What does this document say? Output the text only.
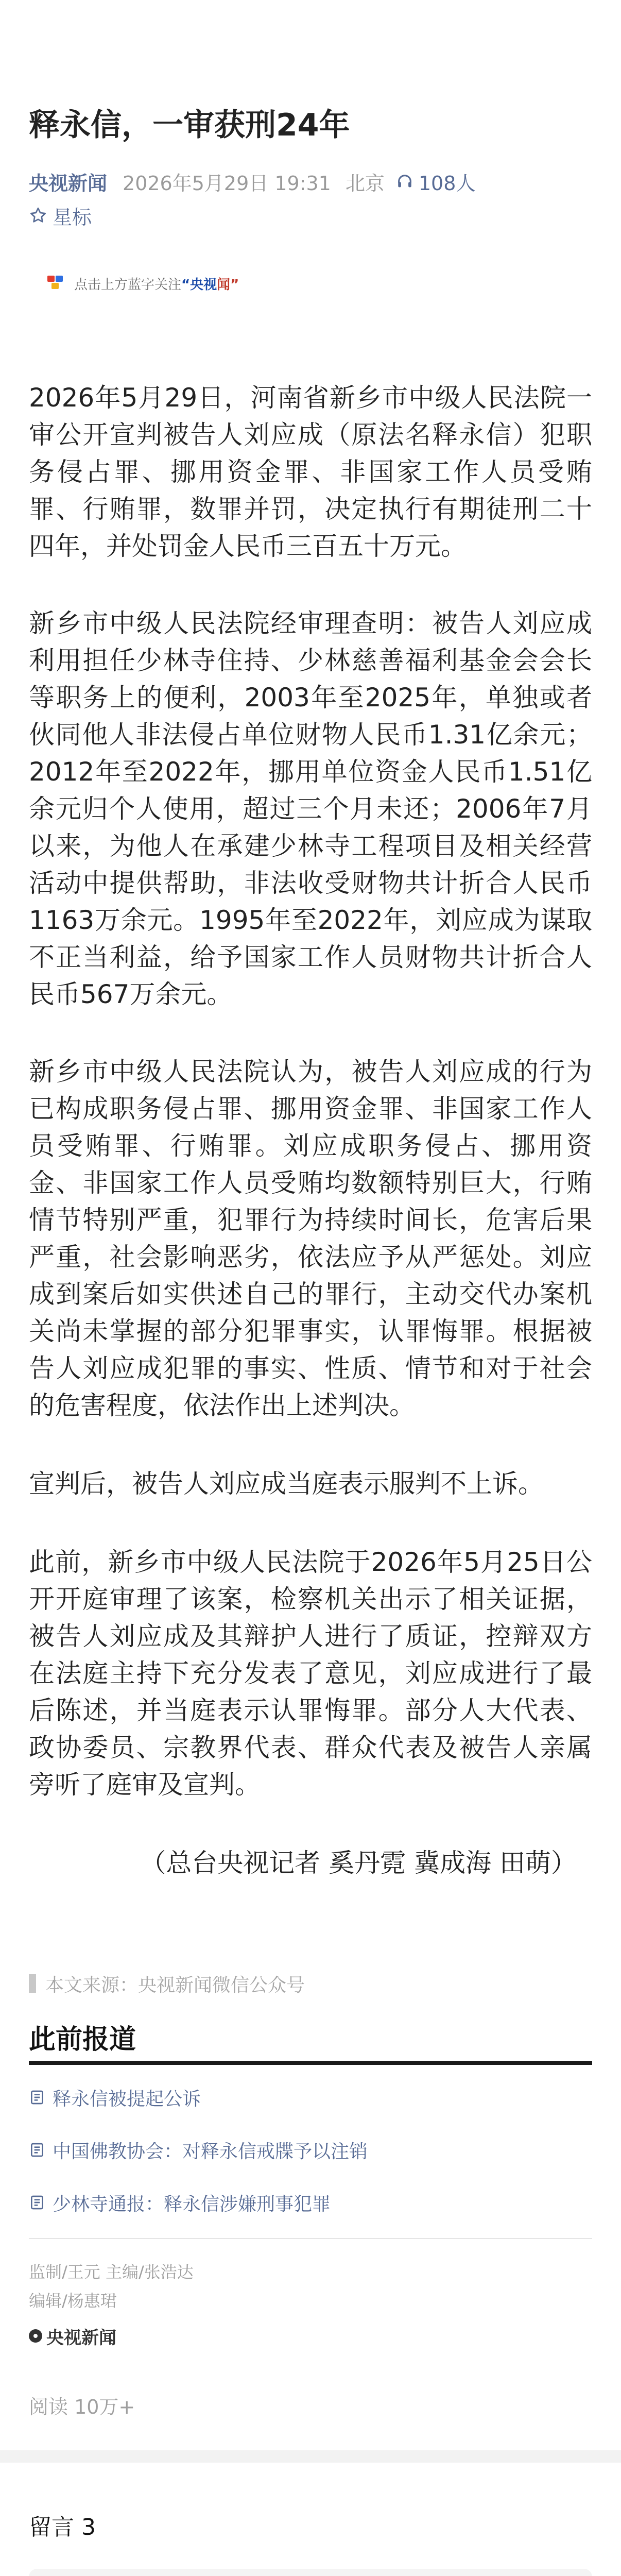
释永信，一审获刑24年
央视新闻 2026年5月29日 19:31 北京 108人
星标
点击上方蓝字关注 “央视 闻”

2026年5月29日，河南省新乡市中级人民法院一审公开宣判被告人刘应成（原法名释永信）犯职务侵占罪、挪用资金罪、非国家工作人员受贿罪、行贿罪，数罪并罚，决定执行有期徒刑二十四年，并处罚金人民币三百五十万元。

新乡市中级人民法院经审理查明：被告人刘应成利用担任少林寺住持、少林慈善福利基金会会长等职务上的便利，2003年至2025年，单独或者伙同他人非法侵占单位财物人民币1.31亿余元；2012年至2022年，挪用单位资金人民币1.51亿余元归个人使用，超过三个月未还；2006年7月以来，为他人在承建少林寺工程项目及相关经营活动中提供帮助，非法收受财物共计折合人民币1163万余元。1995年至2022年，刘应成为谋取不正当利益，给予国家工作人员财物共计折合人民币567万余元。

新乡市中级人民法院认为，被告人刘应成的行为已构成职务侵占罪、挪用资金罪、非国家工作人员受贿罪、行贿罪。刘应成职务侵占、挪用资金、非国家工作人员受贿均数额特别巨大，行贿情节特别严重，犯罪行为持续时间长，危害后果严重，社会影响恶劣，依法应予从严惩处。刘应成到案后如实供述自己的罪行，主动交代办案机关尚未掌握的部分犯罪事实，认罪悔罪。根据被告人刘应成犯罪的事实、性质、情节和对于社会的危害程度，依法作出上述判决。

宣判后，被告人刘应成当庭表示服判不上诉。

此前，新乡市中级人民法院于2026年5月25日公开开庭审理了该案，检察机关出示了相关证据，被告人刘应成及其辩护人进行了质证，控辩双方在法庭主持下充分发表了意见，刘应成进行了最后陈述，并当庭表示认罪悔罪。部分人大代表、政协委员、宗教界代表、群众代表及被告人亲属旁听了庭审及宣判。

（总台央视记者 奚丹霓 冀成海 田萌）
本文来源：央视新闻微信公众号
此前报道
释永信被提起公诉
中国佛教协会：对释永信戒牒予以注销
少林寺通报：释永信涉嫌刑事犯罪
监制/王元 主编/张浩达
编辑/杨惠珺
央视新闻
阅读 10万+
留言 3
